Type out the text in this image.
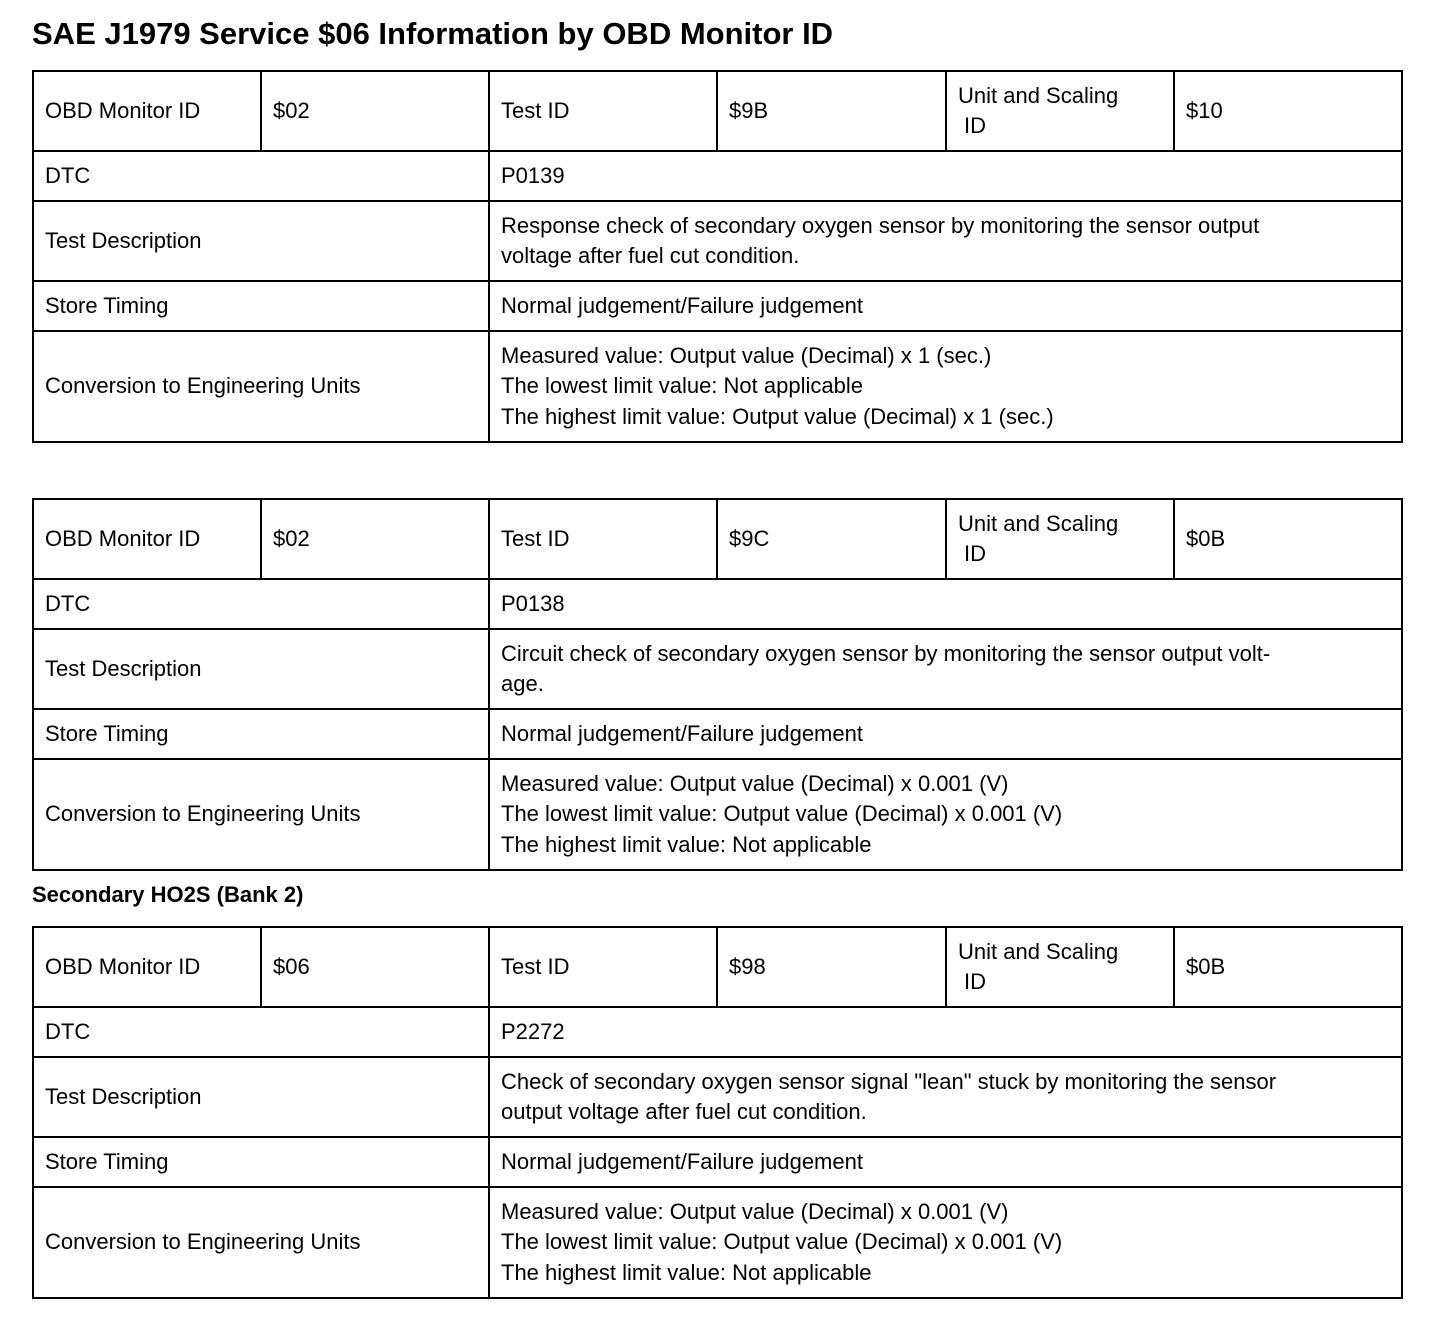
SAE J1979 Service $06 Information by OBD Monitor ID
OBD Monitor ID	$02	Test ID	$9B	Unit and Scaling
ID	$10
DTC		P0139			
Test Description		Response check of secondary oxygen sensor by monitoring the sensor output
voltage after fuel cut condition.			

Store Timing		Normal judgement/Failure judgement			
Conversion to Engineering Units		Measured value: Output value (Decimal) x 1 (sec.)
The lowest limit value: Not applicable
The highest limit value: Output value (Decimal) x 1 (sec.)			
OBD Monitor ID	$02	Test ID	$9C	Unit and Scaling
ID	$0B
DTC		P0138			
Test Description		Circuit check of secondary oxygen sensor by monitoring the sensor output volt-
age.			

Store Timing		Normal judgement/Failure judgement			
Conversion to Engineering Units		Measured value: Output value (Decimal) x 0.001 (V)
The lowest limit value: Output value (Decimal) x 0.001 (V)
The highest limit value: Not applicable			
Secondary HO2S (Bank 2)
OBD Monitor ID	$06	Test ID	$98	Unit and Scaling
ID	$0B
DTC		P2272			
Test Description		Check of secondary oxygen sensor signal "lean" stuck by monitoring the sensor
output voltage after fuel cut condition.			

Store Timing		Normal judgement/Failure judgement			
Conversion to Engineering Units		Measured value: Output value (Decimal) x 0.001 (V)
The lowest limit value: Output value (Decimal) x 0.001 (V)
The highest limit value: Not applicable			
